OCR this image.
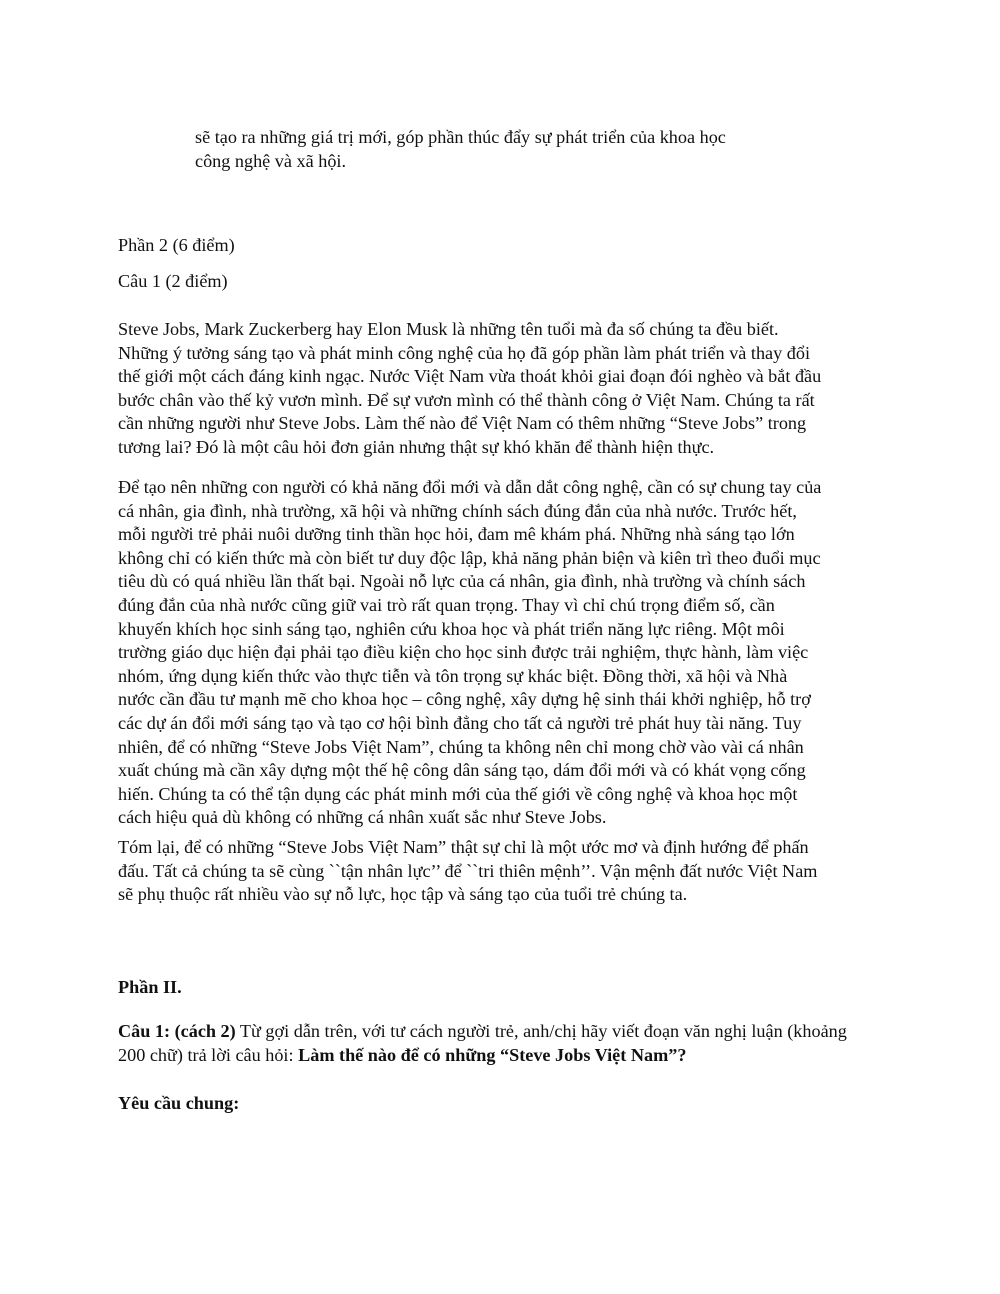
sẽ tạo ra những giá trị mới, góp phần thúc đẩy sự phát triển của khoa học
công nghệ và xã hội.
Phần 2 (6 điểm)
Câu 1 (2 điểm)
Steve Jobs, Mark Zuckerberg hay Elon Musk là những tên tuổi mà đa số chúng ta đều biết.
Những ý tưởng sáng tạo và phát minh công nghệ của họ đã góp phần làm phát triển và thay đổi
thế giới một cách đáng kinh ngạc. Nước Việt Nam vừa thoát khỏi giai đoạn đói nghèo và bắt đầu
bước chân vào thế kỷ vươn mình. Để sự vươn mình có thể thành công ở Việt Nam. Chúng ta rất
cần những người như Steve Jobs. Làm thế nào để Việt Nam có thêm những “Steve Jobs” trong
tương lai? Đó là một câu hỏi đơn giản nhưng thật sự khó khăn để thành hiện thực.
Để tạo nên những con người có khả năng đổi mới và dẫn dắt công nghệ, cần có sự chung tay của
cá nhân, gia đình, nhà trường, xã hội và những chính sách đúng đắn của nhà nước. Trước hết,
mỗi người trẻ phải nuôi dưỡng tinh thần học hỏi, đam mê khám phá. Những nhà sáng tạo lớn
không chỉ có kiến thức mà còn biết tư duy độc lập, khả năng phản biện và kiên trì theo đuổi mục
tiêu dù có quá nhiều lần thất bại. Ngoài nỗ lực của cá nhân, gia đình, nhà trường và chính sách
đúng đắn của nhà nước cũng giữ vai trò rất quan trọng. Thay vì chỉ chú trọng điểm số, cần
khuyến khích học sinh sáng tạo, nghiên cứu khoa học và phát triển năng lực riêng. Một môi
trường giáo dục hiện đại phải tạo điều kiện cho học sinh được trải nghiệm, thực hành, làm việc
nhóm, ứng dụng kiến thức vào thực tiễn và tôn trọng sự khác biệt. Đồng thời, xã hội và Nhà
nước cần đầu tư mạnh mẽ cho khoa học – công nghệ, xây dựng hệ sinh thái khởi nghiệp, hỗ trợ
các dự án đổi mới sáng tạo và tạo cơ hội bình đẳng cho tất cả người trẻ phát huy tài năng. Tuy
nhiên, để có những “Steve Jobs Việt Nam”, chúng ta không nên chỉ mong chờ vào vài cá nhân
xuất chúng mà cần xây dựng một thế hệ công dân sáng tạo, dám đổi mới và có khát vọng cống
hiến. Chúng ta có thể tận dụng các phát minh mới của thế giới về công nghệ và khoa học một
cách hiệu quả dù không có những cá nhân xuất sắc như Steve Jobs.
Tóm lại, để có những “Steve Jobs Việt Nam” thật sự chỉ là một ước mơ và định hướng để phấn
đấu. Tất cả chúng ta sẽ cùng ``tận nhân lực’’ để ``tri thiên mệnh’’. Vận mệnh đất nước Việt Nam
sẽ phụ thuộc rất nhiều vào sự nỗ lực, học tập và sáng tạo của tuổi trẻ chúng ta.
Phần II.
Câu 1: (cách 2) Từ gợi dẫn trên, với tư cách người trẻ, anh/chị hãy viết đoạn văn nghị luận (khoảng
200 chữ) trả lời câu hỏi: Làm thế nào để có những “Steve Jobs Việt Nam”?
Yêu cầu chung:
